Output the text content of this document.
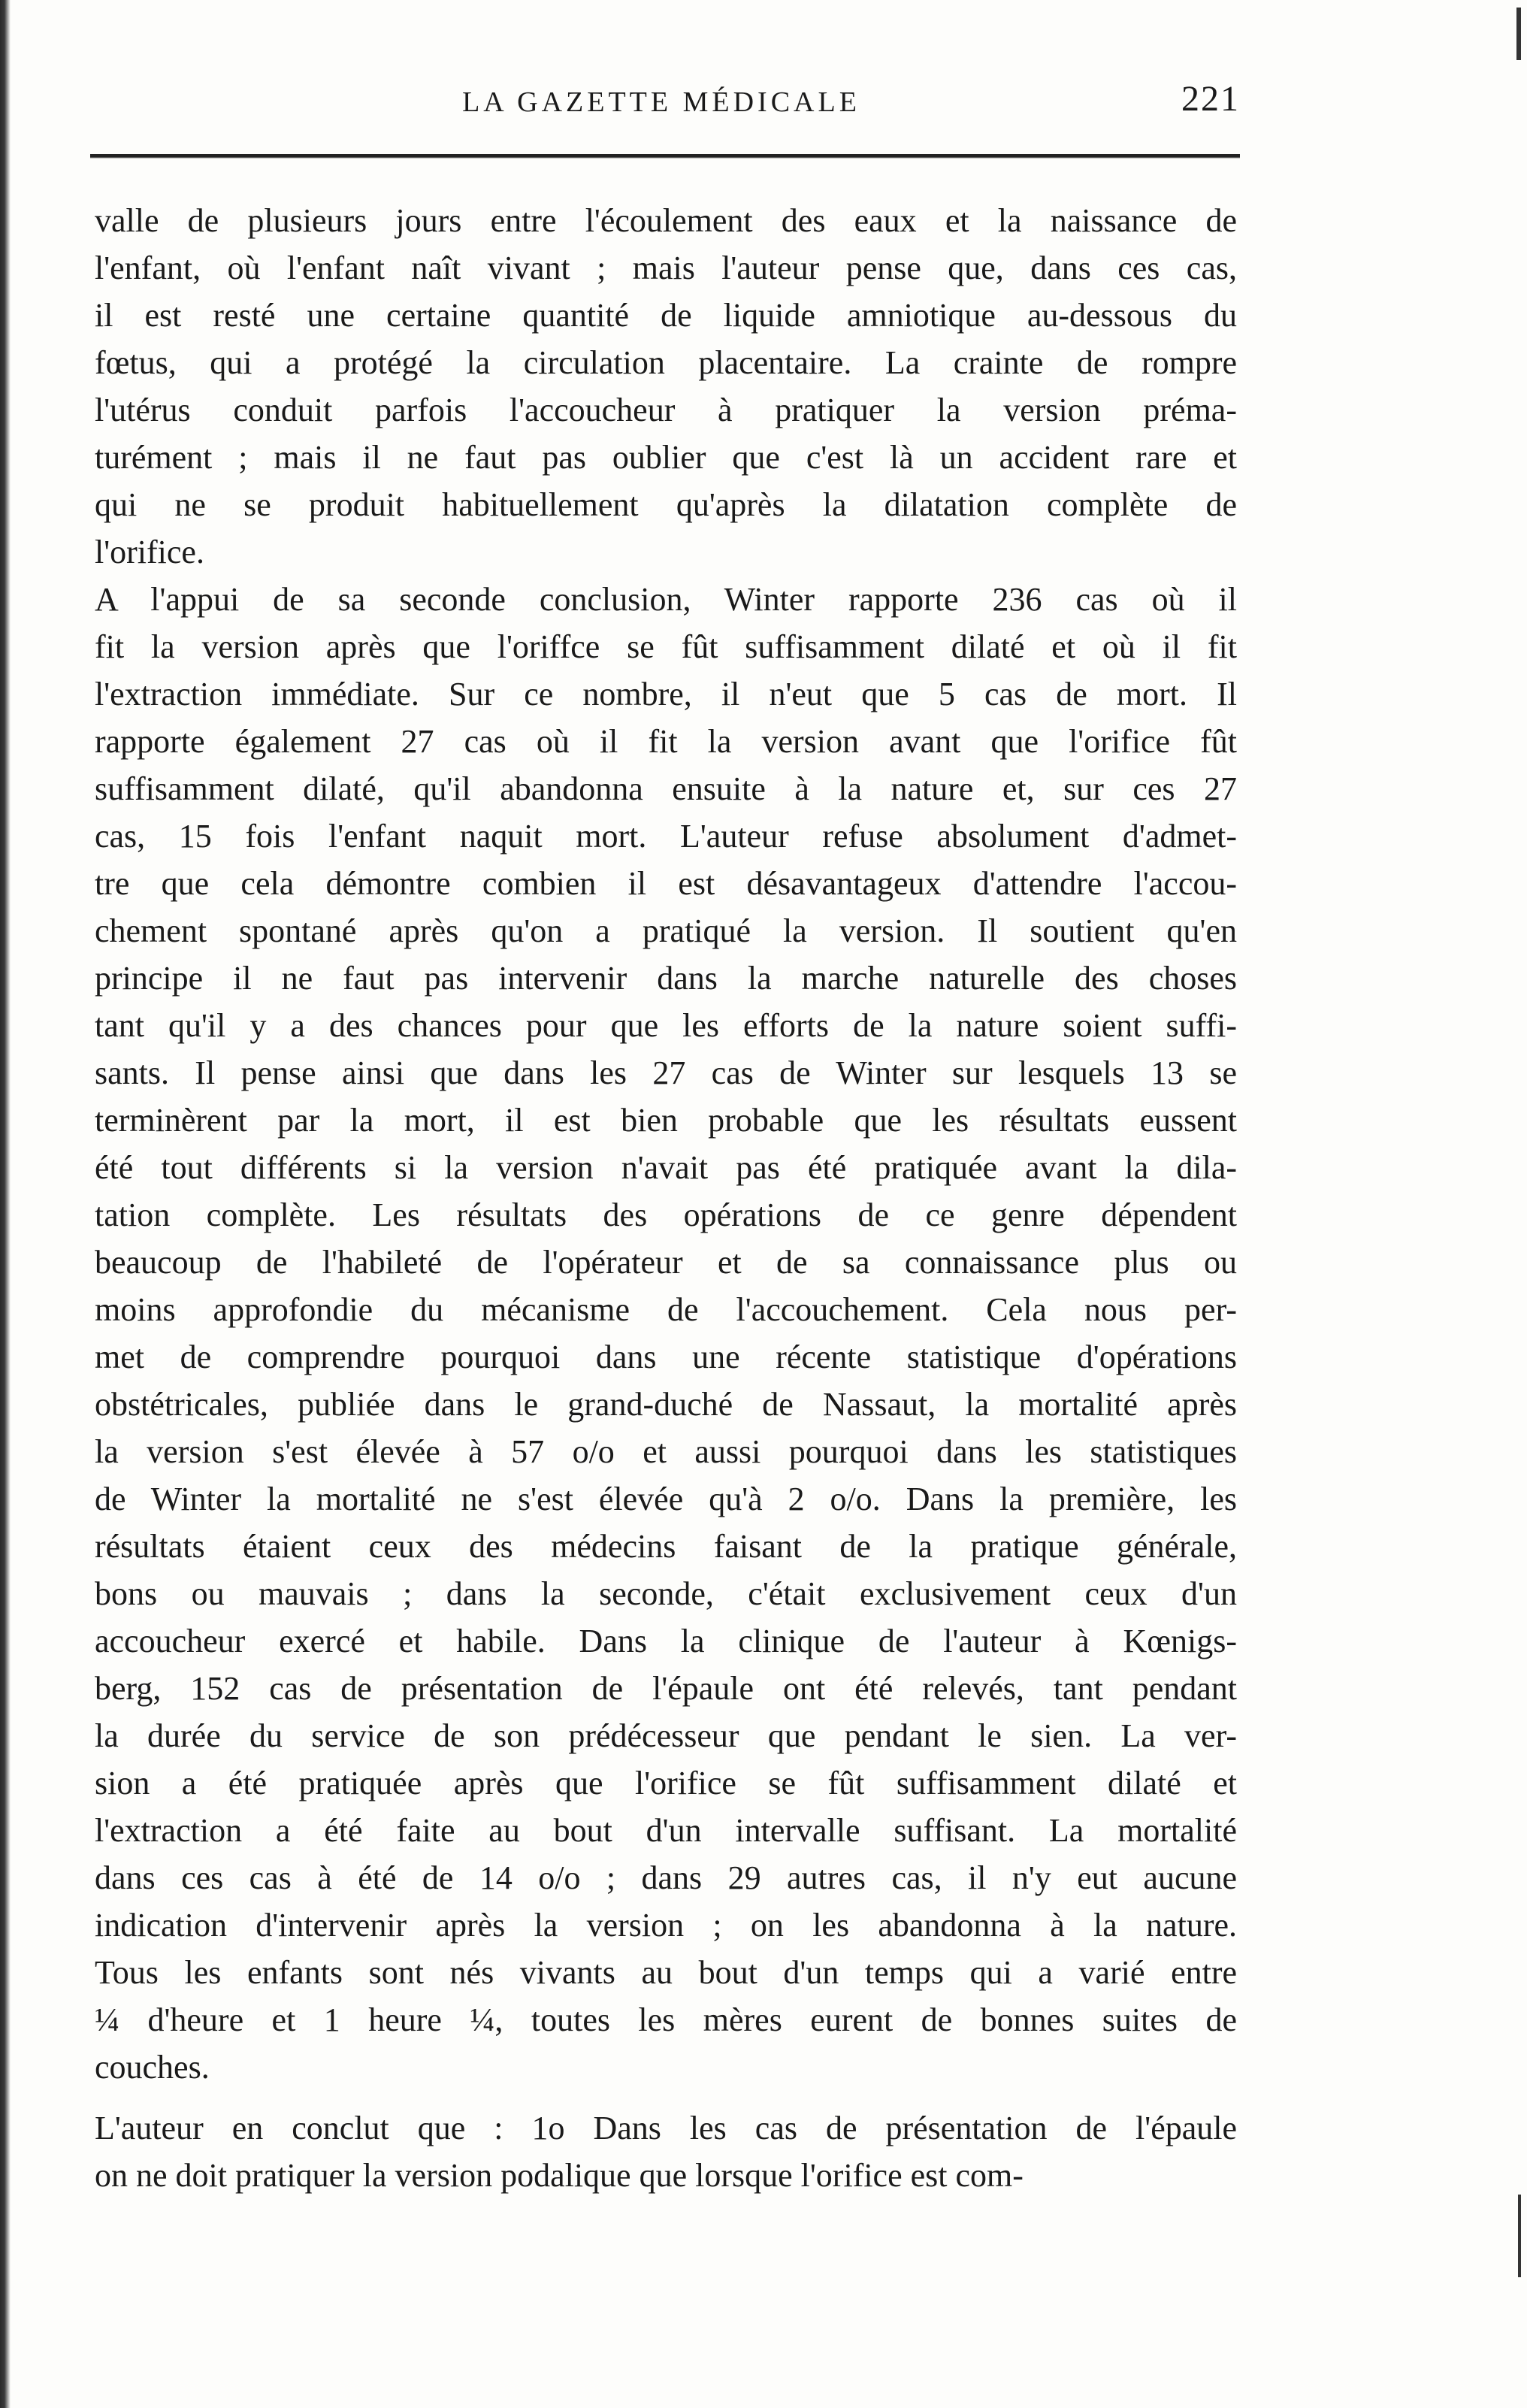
LA GAZETTE MÉDICALE	221
valle de plusieurs jours entre l'écoulement des eaux et la naissance de
l'enfant, où l'enfant naît vivant ; mais l'auteur pense que, dans ces cas,
il est resté une certaine quantité de liquide amniotique au-dessous du
fœtus, qui a protégé la circulation placentaire. La crainte de rompre
l'utérus conduit parfois l'accoucheur à pratiquer la version préma-
turément ; mais il ne faut pas oublier que c'est là un accident rare et
qui ne se produit habituellement qu'après la dilatation complète de
l'orifice.
A l'appui de sa seconde conclusion, Winter rapporte 236 cas où il
fit la version après que l'oriffce se fût suffisamment dilaté et où il fit
l'extraction immédiate. Sur ce nombre, il n'eut que 5 cas de mort. Il
rapporte également 27 cas où il fit la version avant que l'orifice fût
suffisamment dilaté, qu'il abandonna ensuite à la nature et, sur ces 27
cas, 15 fois l'enfant naquit mort. L'auteur refuse absolument d'admet-
tre que cela démontre combien il est désavantageux d'attendre l'accou-
chement spontané après qu'on a pratiqué la version. Il soutient qu'en
principe il ne faut pas intervenir dans la marche naturelle des choses
tant qu'il y a des chances pour que les efforts de la nature soient suffi-
sants. Il pense ainsi que dans les 27 cas de Winter sur lesquels 13 se
terminèrent par la mort, il est bien probable que les résultats eussent
été tout différents si la version n'avait pas été pratiquée avant la dila-
tation complète. Les résultats des opérations de ce genre dépendent
beaucoup de l'habileté de l'opérateur et de sa connaissance plus ou
moins approfondie du mécanisme de l'accouchement. Cela nous per-
met de comprendre pourquoi dans une récente statistique d'opérations
obstétricales, publiée dans le grand-duché de Nassaut, la mortalité après
la version s'est élevée à 57 o/o et aussi pourquoi dans les statistiques
de Winter la mortalité ne s'est élevée qu'à 2 o/o. Dans la première, les
résultats étaient ceux des médecins faisant de la pratique générale,
bons ou mauvais ; dans la seconde, c'était exclusivement ceux d'un
accoucheur exercé et habile. Dans la clinique de l'auteur à Kœnigs-
berg, 152 cas de présentation de l'épaule ont été relevés, tant pendant
la durée du service de son prédécesseur que pendant le sien. La ver-
sion a été pratiquée après que l'orifice se fût suffisamment dilaté et
l'extraction a été faite au bout d'un intervalle suffisant. La mortalité
dans ces cas à été de 14 o/o ; dans 29 autres cas, il n'y eut aucune
indication d'intervenir après la version ; on les abandonna à la nature.
Tous les enfants sont nés vivants au bout d'un temps qui a varié entre
¼ d'heure et 1 heure ¼, toutes les mères eurent de bonnes suites de
couches.
L'auteur en conclut que : 1o Dans les cas de présentation de l'épaule
on ne doit pratiquer la version podalique que lorsque l'orifice est com-
